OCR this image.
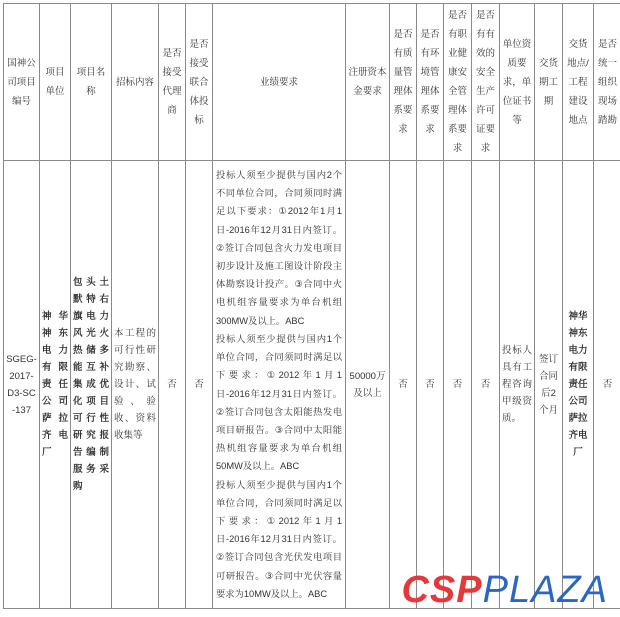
国神公司项目编号	项目单位	项目名称	招标内容	是否接受代理商	是否接受联合体投标	业绩要求	注册资本金要求	是否有质量管理体系要求	是否有环境管理体系要求	是否有职业健康安全管理体系要求	是否有有效的安全生产许可证要求	单位资质要求，单位证书等	交货期工期	交货地点/工程建设地点	是否统一组织现场踏勘
SGEG-2017-D3-SC-137	神华神东电力有限责任公司萨拉齐电厂	包头土默特右旗电力风光火热储多能互补集成优化项目可行性研究报告编制服务采购	本工程的可行性研究勘察、设计、试验、验收、资料收集等	否	否	投标人须至少提供与国内2个不同单位合同，合同须同时满足以下要求：①2012年1月1日-2016年12月31日内签订。②签订合同包含火力发电项目初步设计及施工图设计阶段主体勘察设计投产。③合同中火电机组容量要求为单台机组300MW及以上。ABC

投标人须至少提供与国内1个单位合同，合同须同时满足以下要求：①2012年1月1日-2016年12月31日内签订。②签订合同包含太阳能热发电项目研报告。③合同中太阳能热机组容量要求为单台机组50MW及以上。ABC

投标人须至少提供与国内1个单位合同，合同须同时满足以下要求：①2012年1月1日-2016年12月31日内签订。②签订合同包含光伏发电项目可研报告。③合同中光伏容量要求为10MW及以上。ABC	50000万及以上	否	否	否	否	投标人具有工程咨询甲级资质。	签订合同后2个月	神华神东电力有限责任公司萨拉齐电厂	否
CSPPLAZA
